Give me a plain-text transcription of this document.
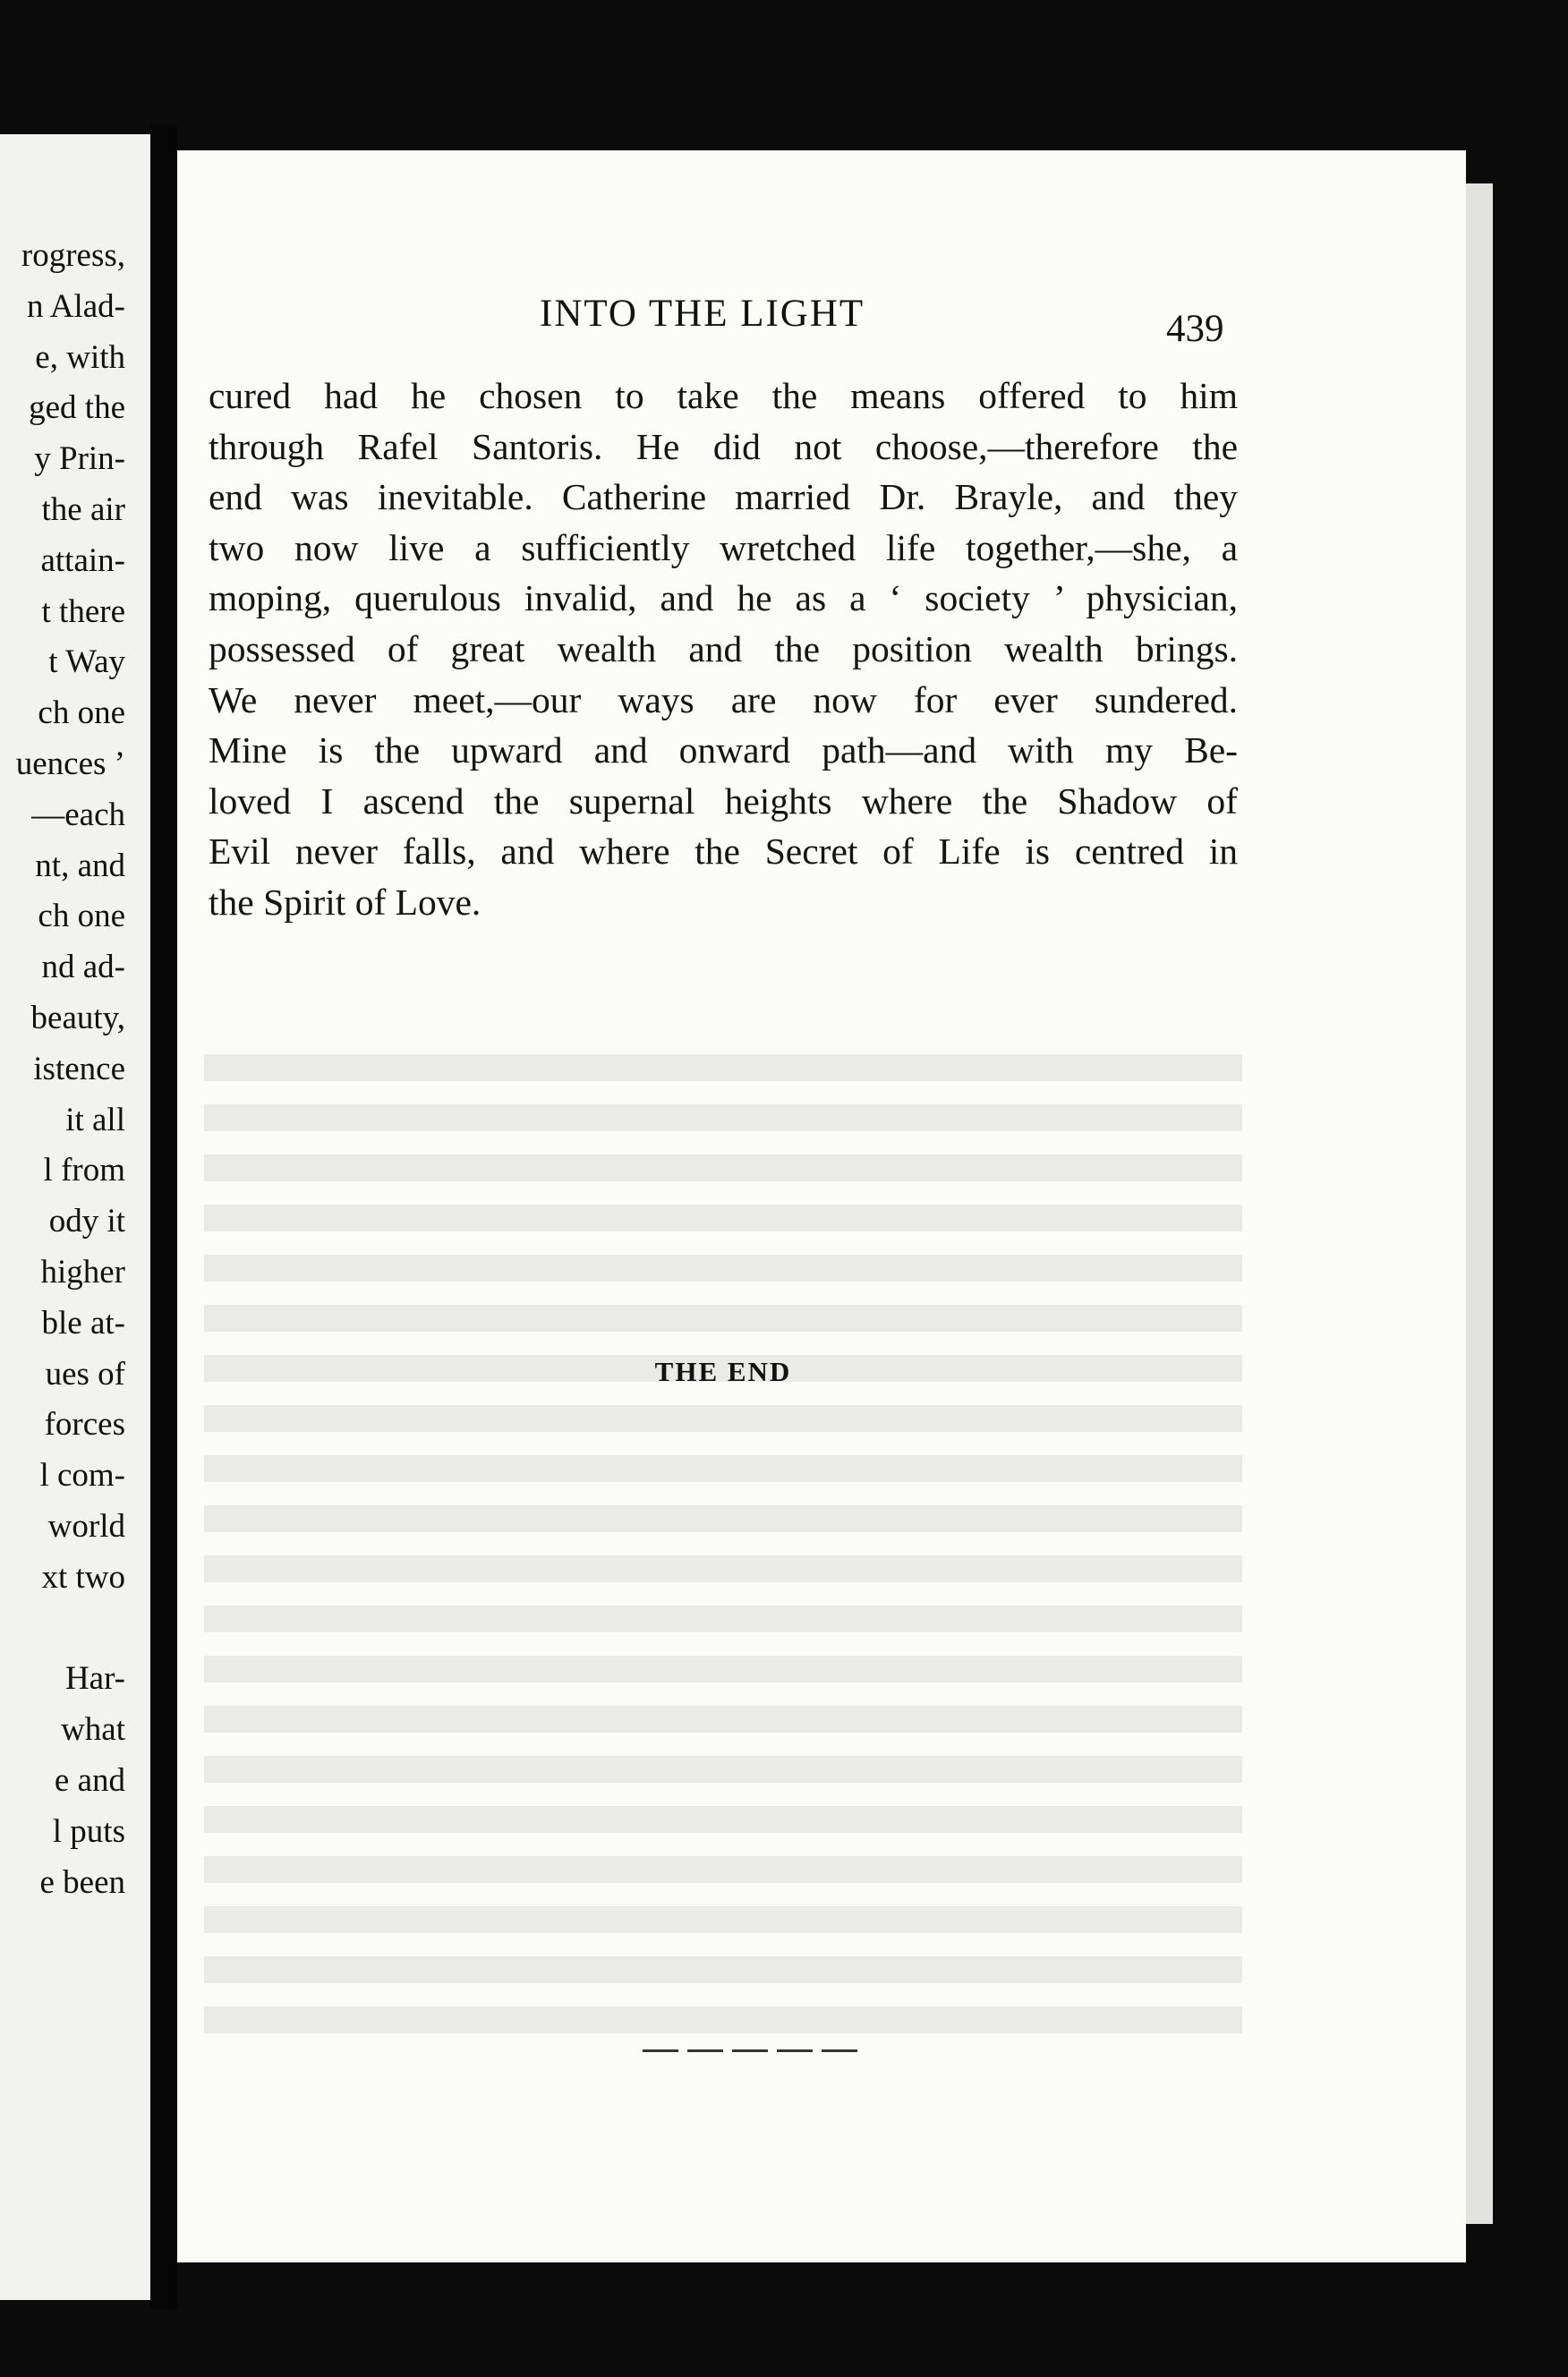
rogress,
n Alad-
e, with
ged the
y Prin-
the air
attain-
t there
t Way
ch one
uences ’
—each
nt, and
ch one
nd ad-
beauty,
istence
it all
l from
ody it
higher
ble at-
ues of
forces
l com-
world
xt two
Har-
what
e and
l puts
e been
INTO THE LIGHT	439
cured had he chosen to take the means offered to him
through Rafel Santoris. He did not choose,—therefore the
end was inevitable. Catherine married Dr. Brayle, and they
two now live a sufficiently wretched life together,—she, a
moping, querulous invalid, and he as a ‘ society ’ physician,
possessed of great wealth and the position wealth brings.
We never meet,—our ways are now for ever sundered.
Mine is the upward and onward path—and with my Be-
loved I ascend the supernal heights where the Shadow of
Evil never falls, and where the Secret of Life is centred in
the Spirit of Love.
THE END
